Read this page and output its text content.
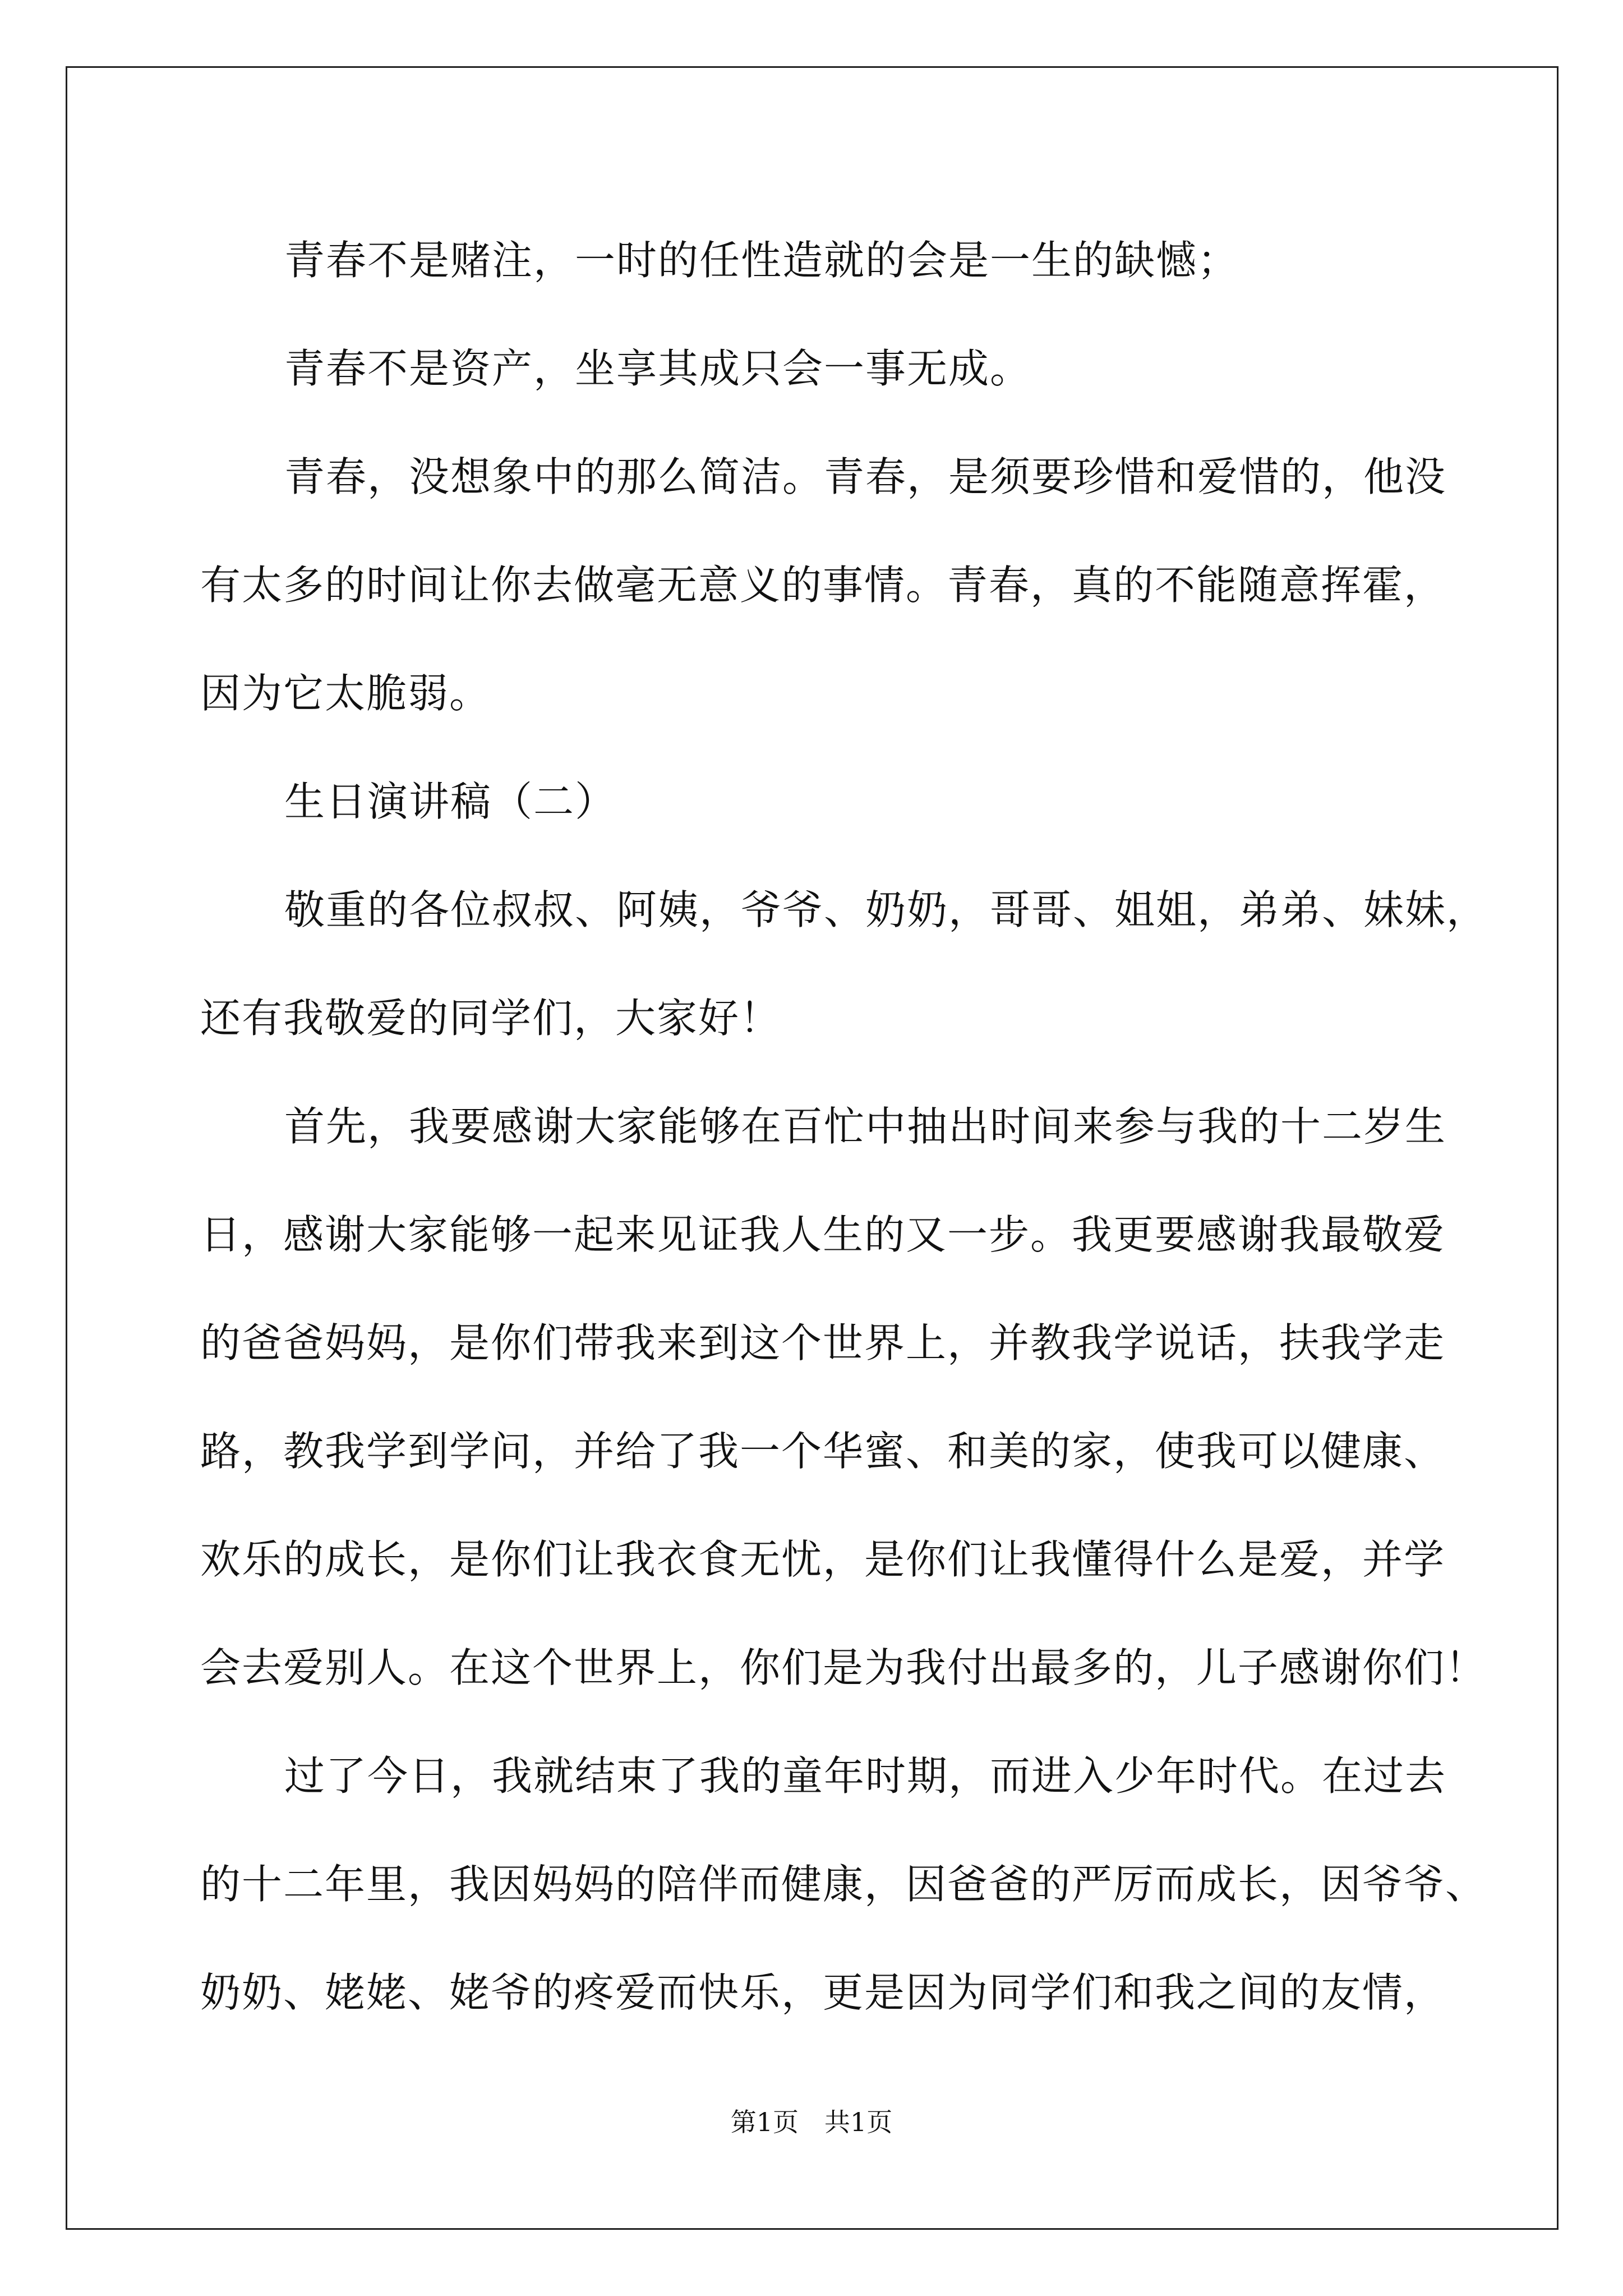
青春不是赌注，一时的任性造就的会是一生的缺憾；
青春不是资产，坐享其成只会一事无成。
青春，没想象中的那么简洁。青春，是须要珍惜和爱惜的，他没
有太多的时间让你去做毫无意义的事情。青春，真的不能随意挥霍，
因为它太脆弱。
生日演讲稿（二）
敬重的各位叔叔、阿姨，爷爷、奶奶，哥哥、姐姐，弟弟、妹妹，
还有我敬爱的同学们，大家好！
首先，我要感谢大家能够在百忙中抽出时间来参与我的十二岁生
日，感谢大家能够一起来见证我人生的又一步。我更要感谢我最敬爱
的爸爸妈妈，是你们带我来到这个世界上，并教我学说话，扶我学走
路，教我学到学问，并给了我一个华蜜、和美的家，使我可以健康、
欢乐的成长，是你们让我衣食无忧，是你们让我懂得什么是爱，并学
会去爱别人。在这个世界上，你们是为我付出最多的，儿子感谢你们！
过了今日，我就结束了我的童年时期，而进入少年时代。在过去
的十二年里，我因妈妈的陪伴而健康，因爸爸的严厉而成长，因爷爷、
奶奶、姥姥、姥爷的疼爱而快乐，更是因为同学们和我之间的友情，
第1页 共1页
